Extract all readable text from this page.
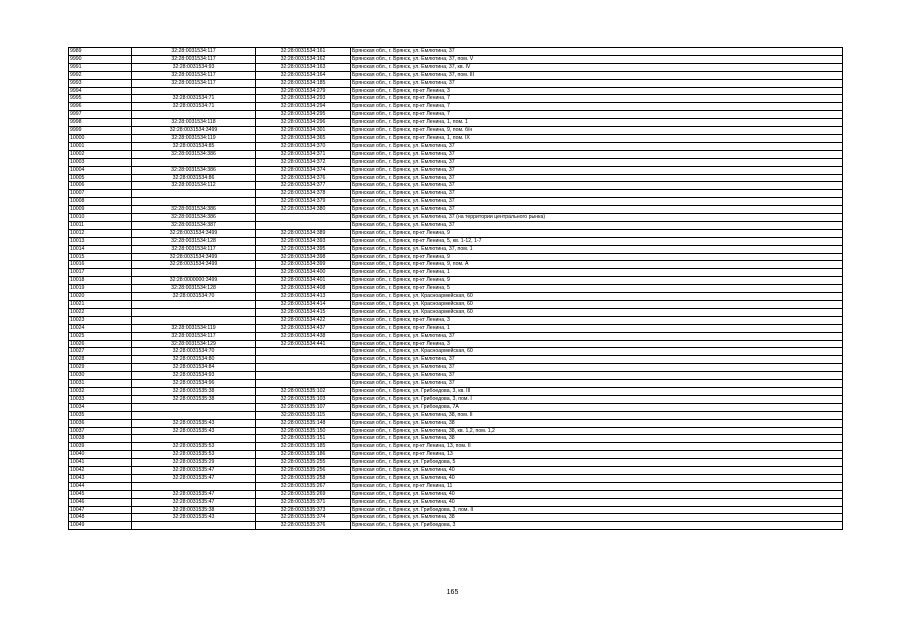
9989	32:28:0031534:117	32:28:0031534:161	Брянская обл., г. Брянск, ул. Емлютина, 37
9990	32:28:0031534:117	32:28:0031534:162	Брянская обл., г. Брянск, ул. Емлютина, 37, пом. V
9991	32:28:0031534:93	32:28:0031534:163	Брянская обл., г. Брянск, ул. Емлютина, 37, кв. IV
9992	32:28:0031534:117	32:28:0031534:164	Брянская обл., г. Брянск, ул. Емлютина, 37, пом. III
9993	32:28:0031534:117	32:28:0031534:185	Брянская обл., г. Брянск, ул. Емлютина, 37
9994		32:28:0031534:279	Брянская обл., г. Брянск, пр-кт Ленина, 3
9995	32:28:0031534:71	32:28:0031534:293	Брянская обл., г. Брянск, пр-кт Ленина, 7
9996	32:28:0031534:71	32:28:0031534:294	Брянская обл., г. Брянск, пр-кт Ленина, 7
9997		32:28:0031534:295	Брянская обл., г. Брянск, пр-кт Ленина, 7
9998	32:28:0031534:118	32:28:0031534:296	Брянская обл., г. Брянск, пр-кт Ленина, 1, пом. 1
9999	32:28:0031534:3499	32:28:0031534:301	Брянская обл., г. Брянск, пр-кт Ленина, 9, пом. б/н
10000	32:28:0031534:119	32:28:0031534:365	Брянская обл., г. Брянск, пр-кт Ленина, 1, пом. IX
10001	32:28:0031534:85	32:28:0031534:370	Брянская обл., г. Брянск, ул. Емлютина, 37
10002	32:28:0031534:386	32:28:0031534:371	Брянская обл., г. Брянск, ул. Емлютина, 37
10003		32:28:0031534:372	Брянская обл., г. Брянск, ул. Емлютина, 37
10004	32:28:0031534:386	32:28:0031534:374	Брянская обл., г. Брянск, ул. Емлютина, 37
10005	32:28:0031534:86	32:28:0031534:376	Брянская обл., г. Брянск, ул. Емлютина, 37
10006	32:28:0031534:112	32:28:0031534:377	Брянская обл., г. Брянск, ул. Емлютина, 37
10007		32:28:0031534:378	Брянская обл., г. Брянск, ул. Емлютина, 37
10008		32:28:0031534:379	Брянская обл., г. Брянск, ул. Емлютина, 37
10009	32:28:0031534:386	32:28:0031534:380	Брянская обл., г. Брянск, ул. Емлютина, 37
10010	32:28:0031534:386		Брянская обл., г. Брянск, ул. Емлютина, 37 (на территории центрального рынка)
10011	32:28:0031534:387		Брянская обл., г. Брянск, ул. Емлютина, 37
10012	32:28:0031534:3499	32:28:0031534:389	Брянская обл., г. Брянск, пр-кт Ленина, 9
10013	32:28:0031534:128	32:28:0031534:393	Брянская обл., г. Брянск, пр-кт Ленина, 5, кв. 1-12, 1-7
10014	32:28:0031534:117	32:28:0031534:395	Брянская обл., г. Брянск, ул. Емлютина, 37, пом. 1
10015	32:28:0031534:3499	32:28:0031534:398	Брянская обл., г. Брянск, пр-кт Ленина, 9
10016	32:28:0031534:3499	32:28:0031534:399	Брянская обл., г. Брянск, пр-кт Ленина, 9, пом. А
10017		32:28:0031534:400	Брянская обл., г. Брянск, пр-кт Ленина, 1
10018	32:28:0000000:3499	32:28:0031534:401	Брянская обл., г. Брянск, пр-кт Ленина, 9
10019	32:28:0031534:128	32:28:0031534:408	Брянская обл., г. Брянск, пр-кт Ленина, 5
10020	32:28:0031534:70	32:28:0031534:413	Брянская обл., г. Брянск, ул. Красноармейская, 60
10021		32:28:0031534:414	Брянская обл., г. Брянск, ул. Красноармейская, 60
10022		32:28:0031534:415	Брянская обл., г. Брянск, ул. Красноармейская, 60
10023		32:28:0031534:422	Брянская обл., г. Брянск, пр-кт Ленина, 3
10024	32:28:0031534:119	32:28:0031534:437	Брянская обл., г. Брянск, пр-кт Ленина, 1
10025	32:28:0031534:117	32:28:0031534:438	Брянская обл., г. Брянск, ул. Емлютина, 37
10026	32:28:0031534:129	32:28:0031534:441	Брянская обл., г. Брянск, пр-кт Ленина, 3
10027	32:28:0031534:70		Брянская обл., г. Брянск, ул. Красноармейская, 60
10028	32:28:0031534:80		Брянская обл., г. Брянск, ул. Емлютина, 37
10029	32:28:0031534:84		Брянская обл., г. Брянск, ул. Емлютина, 37
10030	32:28:0031534:93		Брянская обл., г. Брянск, ул. Емлютина, 37
10031	32:28:0031534:96		Брянская обл., г. Брянск, ул. Емлютина, 37
10032	32:28:0031535:38	32:28:0031535:102	Брянская обл., г. Брянск, ул. Грибоедова, 3, кв. III
10033	32:28:0031535:38	32:28:0031535:103	Брянская обл., г. Брянск, ул. Грибоедова, 3, пом. I
10034		32:28:0031535:107	Брянская обл., г. Брянск, ул. Грибоедова, 7А
10035		32:28:0031535:115	Брянская обл., г. Брянск, ул. Емлютина, 38, пом. II
10036	32:28:0031535:43	32:28:0031535:148	Брянская обл., г. Брянск, ул. Емлютина, 38
10037	32:28:0031535:43	32:28:0031535:150	Брянская обл., г. Брянск, ул. Емлютина, 38, кв. 1,2, пом. 1,2
10038		32:28:0031535:151	Брянская обл., г. Брянск, ул. Емлютина, 38
10039	32:28:0031535:53	32:28:0031535:185	Брянская обл., г. Брянск, пр-кт Ленина, 13, пом. II
10040	32:28:0031535:53	32:28:0031535:186	Брянская обл., г. Брянск, пр-кт Ленина, 13
10041	32:28:0031535:29	32:28:0031535:255	Брянская обл., г. Брянск, ул. Грибоедова, 5
10042	32:28:0031535:47	32:28:0031535:256	Брянская обл., г. Брянск, ул. Емлютина, 40
10043	32:28:0031535:47	32:28:0031535:258	Брянская обл., г. Брянск, ул. Емлютина, 40
10044		32:28:0031535:267	Брянская обл., г. Брянск, пр-кт Ленина, 11
10045	32:28:0031535:47	32:28:0031535:269	Брянская обл., г. Брянск, ул. Емлютина, 40
10046	32:28:0031535:47	32:28:0031535:371	Брянская обл., г. Брянск, ул. Емлютина, 40
10047	32:28:0031535:38	32:28:0031535:373	Брянская обл., г. Брянск, ул. Грибоедова, 3, пом. II
10048	32:28:0031535:43	32:28:0031535:374	Брянская обл., г. Брянск, ул. Емлютина, 38
10049		32:28:0031535:376	Брянская обл., г. Брянск, ул. Грибоедова, 3
165
